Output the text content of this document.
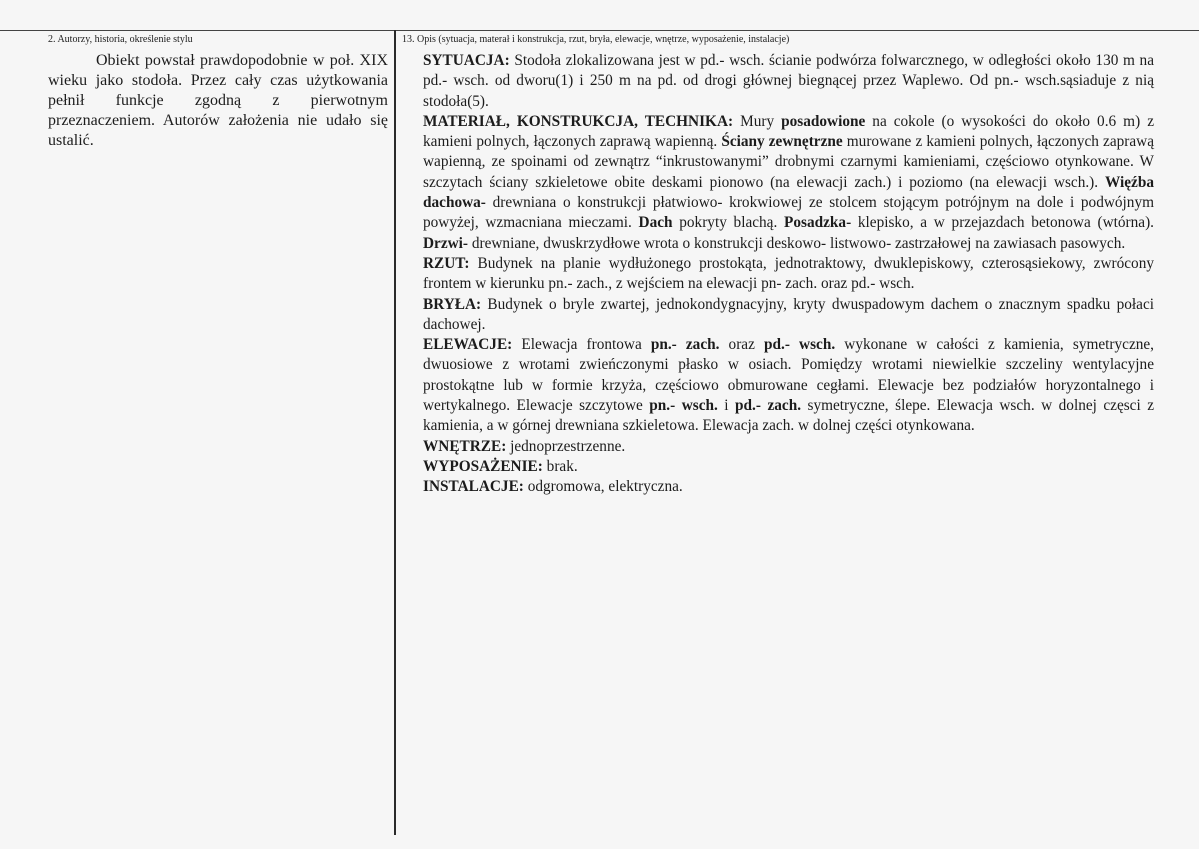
2. Autorzy, historia, określenie stylu

Obiekt powstał prawdopodobnie w poł. XIX wieku jako stodoła. Przez cały czas użytkowania pełnił funkcje zgodną z pierwotnym przeznaczeniem. Autorów założenia nie udało się ustalić.

13. Opis (sytuacja, materał i konstrukcja, rzut, bryła, elewacje, wnętrze, wyposażenie, instalacje)

SYTUACJA: Stodoła zlokalizowana jest w pd.- wsch. ścianie podwórza folwarcznego, w odległości około 130 m na pd.- wsch. od dworu(1) i 250 m na pd. od drogi głównej biegnącej przez Waplewo. Od pn.- wsch.sąsiaduje z nią stodoła(5).

MATERIAŁ, KONSTRUKCJA, TECHNIKA: Mury posadowione na cokole (o wysokości do około 0.6 m) z kamieni polnych, łączonych zaprawą wapienną. Ściany zewnętrzne murowane z kamieni polnych, łączonych zaprawą wapienną, ze spoinami od zewnątrz “inkrustowanymi” drobnymi czarnymi kamieniami, częściowo otynkowane. W szczytach ściany szkieletowe obite deskami pionowo (na elewacji zach.) i poziomo (na elewacji wsch.). Więźba dachowa- drewniana o konstrukcji płatwiowo- krokwiowej ze stolcem stojącym potrójnym na dole i podwójnym powyżej, wzmacniana mieczami. Dach pokryty blachą. Posadzka- klepisko, a w przejazdach betonowa (wtórna). Drzwi- drewniane, dwuskrzydłowe wrota o konstrukcji deskowo- listwowo- zastrzałowej na zawiasach pasowych.

RZUT: Budynek na planie wydłużonego prostokąta, jednotraktowy, dwuklepiskowy, czterosąsiekowy, zwrócony frontem w kierunku pn.- zach., z wejściem na elewacji pn- zach. oraz pd.- wsch.

BRYŁA: Budynek o bryle zwartej, jednokondygnacyjny, kryty dwuspadowym dachem o znacznym spadku połaci dachowej.

ELEWACJE: Elewacja frontowa pn.- zach. oraz pd.- wsch. wykonane w całości z kamienia, symetryczne, dwuosiowe z wrotami zwieńczonymi płasko w osiach. Pomiędzy wrotami niewielkie szczeliny wentylacyjne prostokątne lub w formie krzyża, częściowo obmurowane cegłami. Elewacje bez podziałów horyzontalnego i wertykalnego. Elewacje szczytowe pn.- wsch. i pd.- zach. symetryczne, ślepe. Elewacja wsch. w dolnej częsci z kamienia, a w górnej drewniana szkieletowa. Elewacja zach. w dolnej części otynkowana.

WNĘTRZE: jednoprzestrzenne.

WYPOSAŻENIE: brak.

INSTALACJE: odgromowa, elektryczna.
